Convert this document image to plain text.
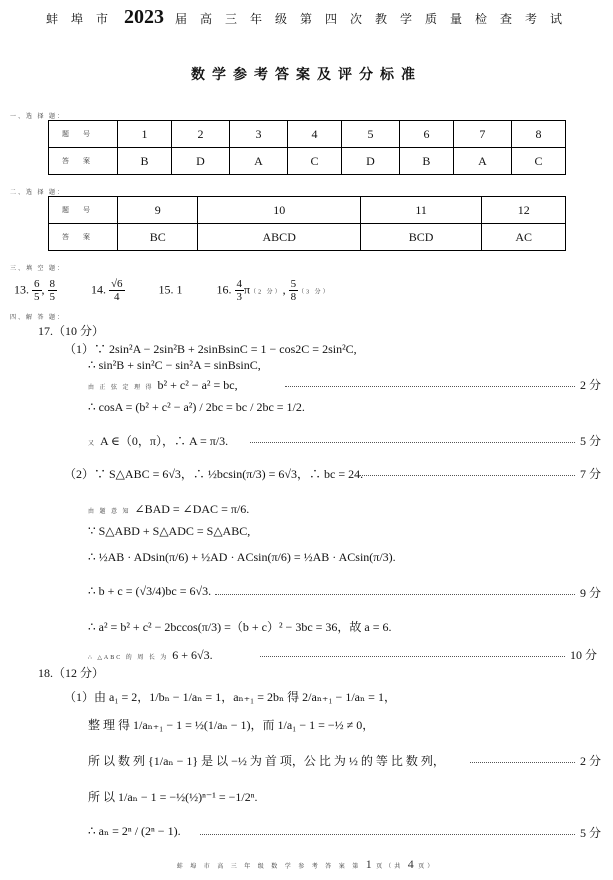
蚌 埠 市 2023 届 高 三 年 级 第 四 次 教 学 质 量 检 查 考 试
数学参考答案及评分标准
一、选 择 题：
题号	1	2	3	4	5	6	7	8
答案	B	D	A	C	D	B	A	C
二、选 择 题：
题号	9	10	11	12
答案	BC	ABCD	BCD	AC
三、填 空 题：
13. $\frac{6}{5}$ , $\frac{8}{5}$	14. $\frac{√6}{4}$	15. 1	16. $\frac{4}{3} \pi(2$ 分）, $\frac{5}{8} (3$ 分）
四、解 答 题：
17.（10 分）
（1）∵ 2sin²A − 2sin²B + 2sinBsinC = 1 − cos2C = 2sin²C,
∴ sin²B + sin²C − sin²A = sinBsinC,
由 正 弦 定 理 得 b² + c² − a² = bc,	2 分
∴ cosA = (b² + c² − a²) / 2bc = bc / 2bc = 1/2.
又 A ∈（0，π），∴ A = π/3.	5 分
（2）∵ S△ABC = 6√3，∴ ½bcsin(π/3) = 6√3，∴ bc = 24.	7 分
由 题 意 知 ∠BAD = ∠DAC = π/6.
∵ S△ABD + S△ADC = S△ABC,
∴ ½AB · ADsin(π/6) + ½AD · ACsin(π/6) = ½AB · ACsin(π/3).
∴ b + c = (√3/4)bc = 6√3.	9 分
∴ a² = b² + c² − 2bccos(π/3) =（b + c）² − 3bc = 36，故 a = 6.
∴ △ABC 的 周 长 为 6 + 6√3.	10 分
18.（12 分）
（1）由 a₁ = 2，1/bₙ − 1/aₙ = 1，aₙ₊₁ = 2bₙ 得 2/aₙ₊₁ − 1/aₙ = 1，
整 理 得 1/aₙ₊₁ − 1 = ½(1/aₙ − 1)，而 1/a₁ − 1 = −½ ≠ 0，
所 以 数 列 {1/aₙ − 1} 是 以 −½ 为 首 项，公 比 为 ½ 的 等 比 数 列，	2 分
所 以 1/aₙ − 1 = −½(½)ⁿ⁻¹ = −1/2ⁿ.
∴ aₙ = 2ⁿ / (2ⁿ − 1).	5 分
蚌 埠 市 高 三 年 级 数 学 参 考 答 案 第 1 页（共 4 页）
